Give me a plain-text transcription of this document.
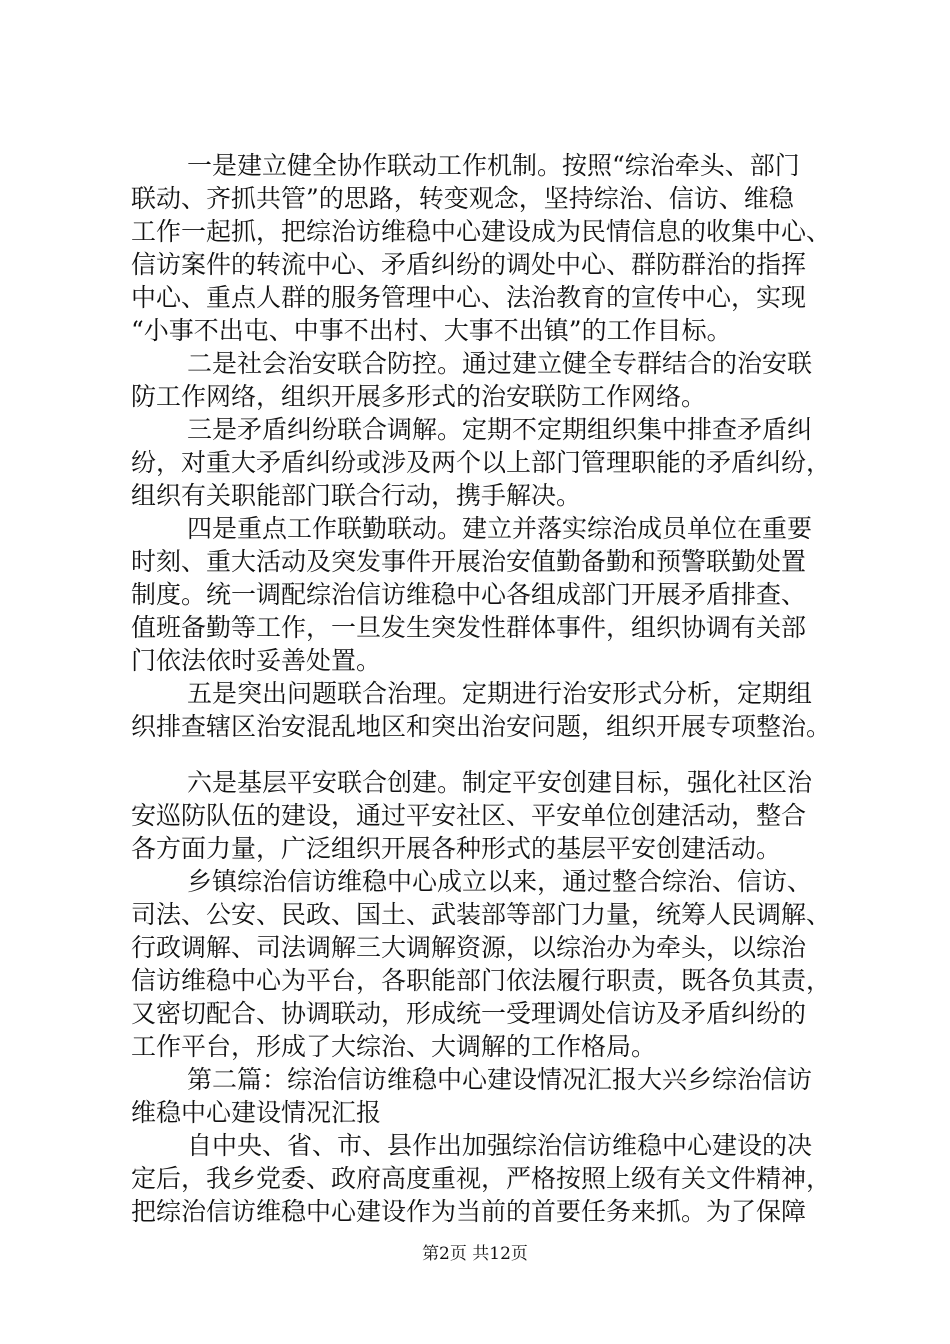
一是建立健全协作联动工作机制。按照“综治牵头、部门

联动、齐抓共管”的思路，转变观念，坚持综治、信访、维稳

工作一起抓，把综治访维稳中心建设成为民情信息的收集中心、

信访案件的转流中心、矛盾纠纷的调处中心、群防群治的指挥

中心、重点人群的服务管理中心、法治教育的宣传中心，实现

“小事不出屯、中事不出村、大事不出镇”的工作目标。

二是社会治安联合防控。通过建立健全专群结合的治安联

防工作网络，组织开展多形式的治安联防工作网络。

三是矛盾纠纷联合调解。定期不定期组织集中排查矛盾纠

纷，对重大矛盾纠纷或涉及两个以上部门管理职能的矛盾纠纷，

组织有关职能部门联合行动，携手解决。

四是重点工作联勤联动。建立并落实综治成员单位在重要

时刻、重大活动及突发事件开展治安值勤备勤和预警联勤处置

制度。统一调配综治信访维稳中心各组成部门开展矛盾排查、

值班备勤等工作，一旦发生突发性群体事件，组织协调有关部

门依法依时妥善处置。

五是突出问题联合治理。定期进行治安形式分析，定期组

织排查辖区治安混乱地区和突出治安问题，组织开展专项整治。

六是基层平安联合创建。制定平安创建目标，强化社区治

安巡防队伍的建设，通过平安社区、平安单位创建活动，整合

各方面力量，广泛组织开展各种形式的基层平安创建活动。

乡镇综治信访维稳中心成立以来，通过整合综治、信访、

司法、公安、民政、国土、武装部等部门力量，统筹人民调解、

行政调解、司法调解三大调解资源，以综治办为牵头，以综治

信访维稳中心为平台，各职能部门依法履行职责，既各负其责，

又密切配合、协调联动，形成统一受理调处信访及矛盾纠纷的

工作平台，形成了大综治、大调解的工作格局。

第二篇：综治信访维稳中心建设情况汇报大兴乡综治信访

维稳中心建设情况汇报

自中央、省、市、县作出加强综治信访维稳中心建设的决

定后，我乡党委、政府高度重视，严格按照上级有关文件精神，

把综治信访维稳中心建设作为当前的首要任务来抓。为了保障

第2页 共12页
